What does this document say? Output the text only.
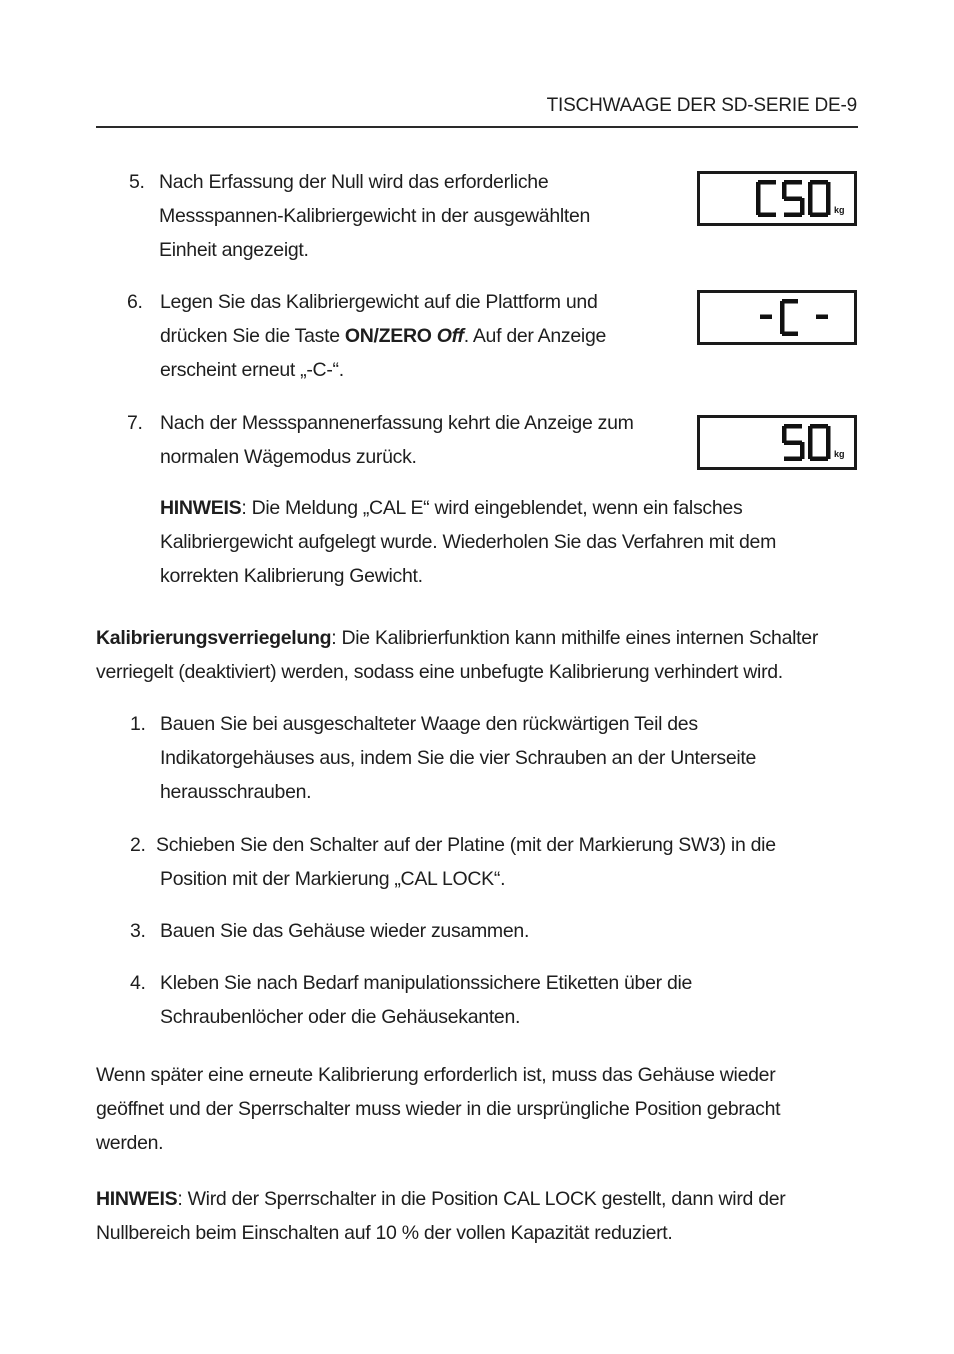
TISCHWAAGE DER SD-SERIE DE-9
5. Nach Erfassung der Null wird das erforderliche
Messspannen-Kalibriergewicht in der ausgewählten
Einheit angezeigt.
6. Legen Sie das Kalibriergewicht auf die Plattform und
drücken Sie die Taste ON/ZERO Off. Auf der Anzeige
erscheint erneut „-C-“.
7. Nach der Messspannenerfassung kehrt die Anzeige zum
normalen Wägemodus zurück.
kg
kg
HINWEIS: Die Meldung „CAL E“ wird eingeblendet, wenn ein falsches
Kalibriergewicht aufgelegt wurde. Wiederholen Sie das Verfahren mit dem
korrekten Kalibrierung Gewicht.
Kalibrierungsverriegelung: Die Kalibrierfunktion kann mithilfe eines internen Schalter
verriegelt (deaktiviert) werden, sodass eine unbefugte Kalibrierung verhindert wird.
1. Bauen Sie bei ausgeschalteter Waage den rückwärtigen Teil des
Indikatorgehäuses aus, indem Sie die vier Schrauben an der Unterseite
herausschrauben.
2. Schieben Sie den Schalter auf der Platine (mit der Markierung SW3) in die
Position mit der Markierung „CAL LOCK“.
3. Bauen Sie das Gehäuse wieder zusammen.
4. Kleben Sie nach Bedarf manipulationssichere Etiketten über die
Schraubenlöcher oder die Gehäusekanten.
Wenn später eine erneute Kalibrierung erforderlich ist, muss das Gehäuse wieder
geöffnet und der Sperrschalter muss wieder in die ursprüngliche Position gebracht
werden.
HINWEIS: Wird der Sperrschalter in die Position CAL LOCK gestellt, dann wird der
Nullbereich beim Einschalten auf 10 % der vollen Kapazität reduziert.
